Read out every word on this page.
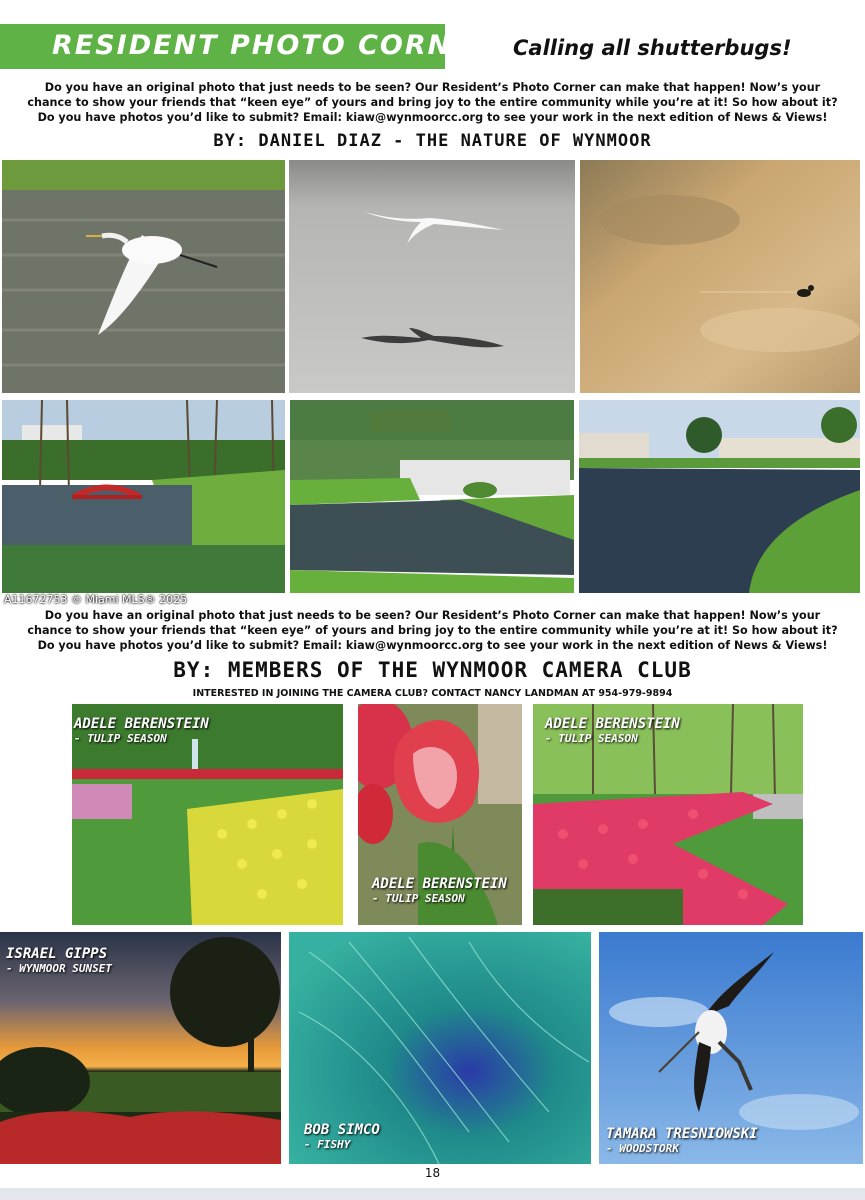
RESIDENT PHOTO CORNER Calling all shutterbugs!

Do you have an original photo that just needs to be seen? Our Resident’s Photo Corner can make that happen! Now’s your

chance to show your friends that “keen eye” of yours and bring joy to the entire community while you’re at it! So how about it?

Do you have photos you’d like to submit? Email: kiaw@wynmoorcc.org to see your work in the next edition of News & Views!

BY: DANIEL DIAZ - THE NATURE OF WYNMOOR
A11672753 © Miami MLS® 2025

Do you have an original photo that just needs to be seen? Our Resident’s Photo Corner can make that happen! Now’s your

chance to show your friends that “keen eye” of yours and bring joy to the entire community while you’re at it! So how about it?

Do you have photos you’d like to submit? Email: kiaw@wynmoorcc.org to see your work in the next edition of News & Views!

BY: MEMBERS OF THE WYNMOOR CAMERA CLUB
INTERESTED IN JOINING THE CAMERA CLUB? CONTACT NANCY LANDMAN AT 954-979-9894
ADELE BERENSTEIN
- TULIP SEASON
ADELE BERENSTEIN
- TULIP SEASON
ADELE BERENSTEIN
- TULIP SEASON
ISRAEL GIPPS
- WYNMOOR SUNSET
BOB SIMCO
- FISHY
TAMARA TRESNIOWSKI
- WOODSTORK
18
